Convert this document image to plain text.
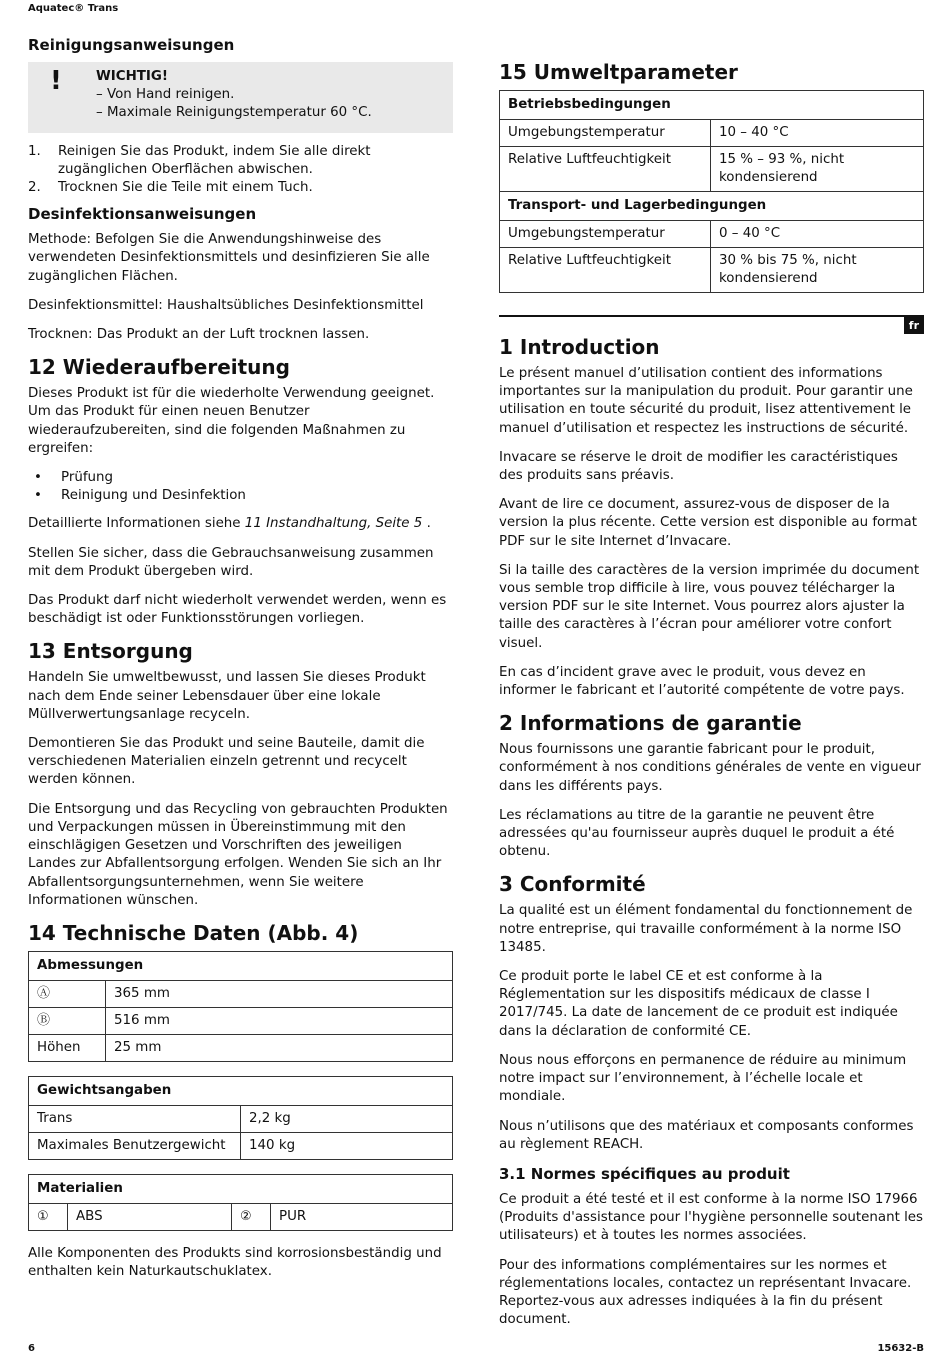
Aquatec® Trans
Reinigungsanweisungen
!	WICHTIG!
– Von Hand reinigen.
– Maximale Reinigungstemperatur 60 °C.
1.	Reinigen Sie das Produkt, indem Sie alle direkt zugänglichen Oberflächen abwischen.
2.	Trocknen Sie die Teile mit einem Tuch.
Desinfektionsanweisungen

Methode: Befolgen Sie die Anwendungshinweise des verwendeten Desinfektionsmittels und desinfizieren Sie alle zugänglichen Flächen.

Desinfektionsmittel: Haushaltsübliches Desinfektionsmittel

Trocknen: Das Produkt an der Luft trocknen lassen.

12 Wiederaufbereitung

Dieses Produkt ist für die wiederholte Verwendung geeignet. Um das Produkt für einen neuen Benutzer wiederaufzubereiten, sind die folgenden Maßnahmen zu ergreifen:

•	Prüfung
•	Reinigung und Desinfektion

Detaillierte Informationen siehe 11 Instandhaltung, Seite 5 .

Stellen Sie sicher, dass die Gebrauchsanweisung zusammen mit dem Produkt übergeben wird.

Das Produkt darf nicht wiederholt verwendet werden, wenn es beschädigt ist oder Funktionsstörungen vorliegen.

13 Entsorgung

Handeln Sie umweltbewusst, und lassen Sie dieses Produkt nach dem Ende seiner Lebensdauer über eine lokale Müllverwertungsanlage recyceln.

Demontieren Sie das Produkt und seine Bauteile, damit die verschiedenen Materialien einzeln getrennt und recycelt werden können.

Die Entsorgung und das Recycling von gebrauchten Produkten und Verpackungen müssen in Übereinstimmung mit den einschlägigen Gesetzen und Vorschriften des jeweiligen Landes zur Abfallentsorgung erfolgen. Wenden Sie sich an Ihr Abfallentsorgungsunternehmen, wenn Sie weitere Informationen wünschen.

14 Technische Daten (Abb. 4)
Abmessungen	
Ⓐ	365 mm
Ⓑ	516 mm
Höhen	25 mm
Gewichtsangaben	
Trans	2,2 kg
Maximales Benutzergewicht	140 kg
Materialien
①	ABS	②	PUR

Alle Komponenten des Produkts sind korrosionsbeständig und enthalten kein Naturkautschuklatex.

15 Umweltparameter
Betriebsbedingungen	
Umgebungstemperatur	10 – 40 °C
Relative Luftfeuchtigkeit	15 % – 93 %, nicht kondensierend
Transport- und Lagerbedingungen	
Umgebungstemperatur	0 – 40 °C
Relative Luftfeuchtigkeit	30 % bis 75 %, nicht kondensierend
fr
1 Introduction

Le présent manuel d’utilisation contient des informations importantes sur la manipulation du produit. Pour garantir une utilisation en toute sécurité du produit, lisez attentivement le manuel d’utilisation et respectez les instructions de sécurité.

Invacare se réserve le droit de modifier les caractéristiques des produits sans préavis.

Avant de lire ce document, assurez-vous de disposer de la version la plus récente. Cette version est disponible au format PDF sur le site Internet d’Invacare.

Si la taille des caractères de la version imprimée du document vous semble trop difficile à lire, vous pouvez télécharger la version PDF sur le site Internet. Vous pourrez alors ajuster la taille des caractères à l’écran pour améliorer votre confort visuel.

En cas d’incident grave avec le produit, vous devez en informer le fabricant et l’autorité compétente de votre pays.

2 Informations de garantie

Nous fournissons une garantie fabricant pour le produit, conformément à nos conditions générales de vente en vigueur dans les différents pays.

Les réclamations au titre de la garantie ne peuvent être adressées qu'au fournisseur auprès duquel le produit a été obtenu.

3 Conformité

La qualité est un élément fondamental du fonctionnement de notre entreprise, qui travaille conformément à la norme ISO 13485.

Ce produit porte le label CE et est conforme à la Réglementation sur les dispositifs médicaux de classe I 2017/745. La date de lancement de ce produit est indiquée dans la déclaration de conformité CE.

Nous nous efforçons en permanence de réduire au minimum notre impact sur l’environnement, à l’échelle locale et mondiale.

Nous n’utilisons que des matériaux et composants conformes au règlement REACH.

3.1 Normes spécifiques au produit

Ce produit a été testé et il est conforme à la norme ISO 17966 (Produits d'assistance pour l'hygiène personnelle soutenant les utilisateurs) et à toutes les normes associées.

Pour des informations complémentaires sur les normes et réglementations locales, contactez un représentant Invacare. Reportez-vous aux adresses indiquées à la fin du présent document.

6	15632-B
